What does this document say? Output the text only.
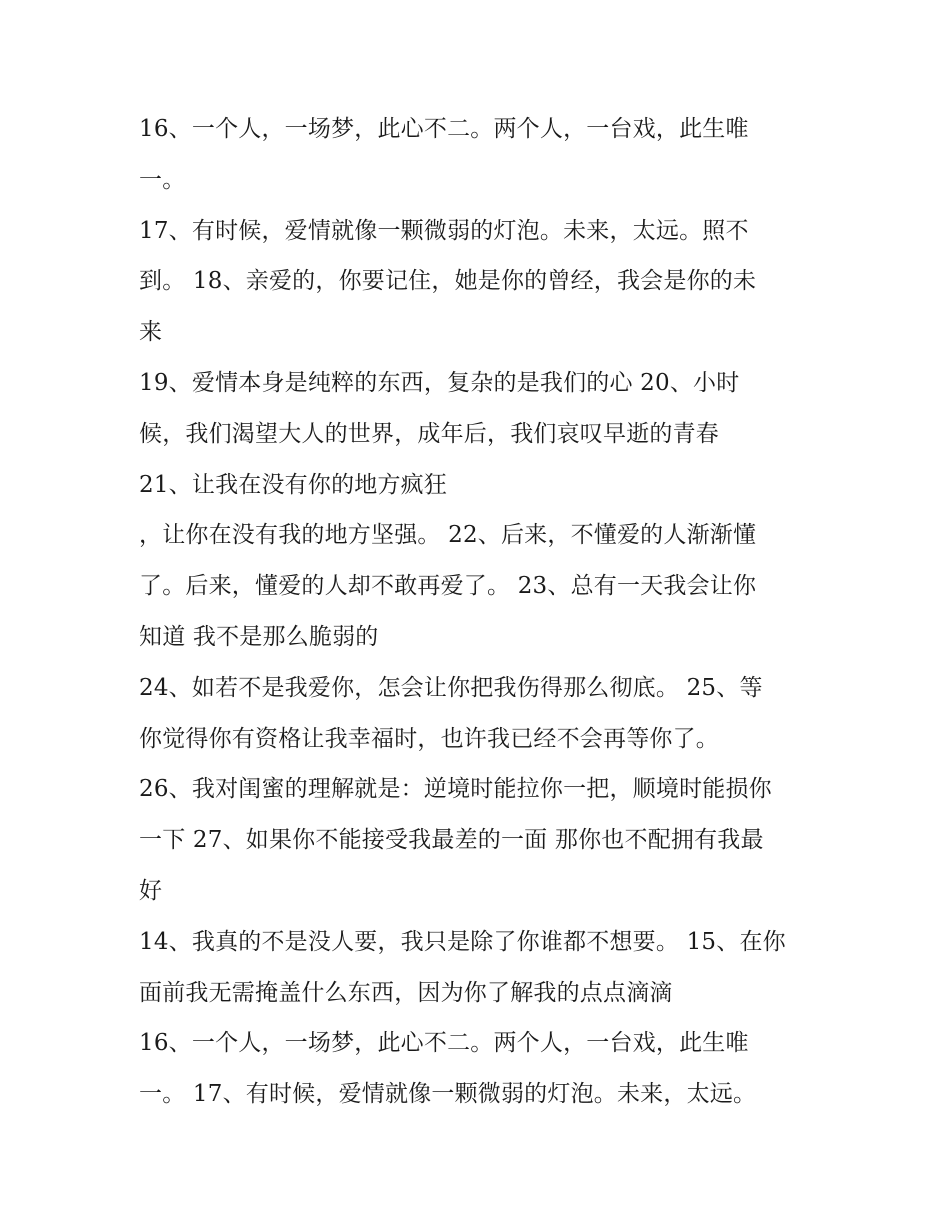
16、一个人，一场梦，此心不二。两个人，一台戏，此生唯
一。
17、有时候，爱情就像一颗微弱的灯泡。未来，太远。照不
到。 18、亲爱的，你要记住，她是你的曾经，我会是你的未
来
19、爱情本身是纯粹的东西，复杂的是我们的心 20、小时
候，我们渴望大人的世界，成年后，我们哀叹早逝的青春
21、让我在没有你的地方疯狂
，让你在没有我的地方坚强。 22、后来，不懂爱的人渐渐懂
了。后来，懂爱的人却不敢再爱了。 23、总有一天我会让你
知道 我不是那么脆弱的
24、如若不是我爱你，怎会让你把我伤得那么彻底。 25、等
你觉得你有资格让我幸福时，也许我已经不会再等你了。
26、我对闺蜜的理解就是：逆境时能拉你一把，顺境时能损你
一下 27、如果你不能接受我最差的一面 那你也不配拥有我最
好
14、我真的不是没人要，我只是除了你谁都不想要。 15、在你
面前我无需掩盖什么东西，因为你了解我的点点滴滴
16、一个人，一场梦，此心不二。两个人，一台戏，此生唯
一。 17、有时候，爱情就像一颗微弱的灯泡。未来，太远。
